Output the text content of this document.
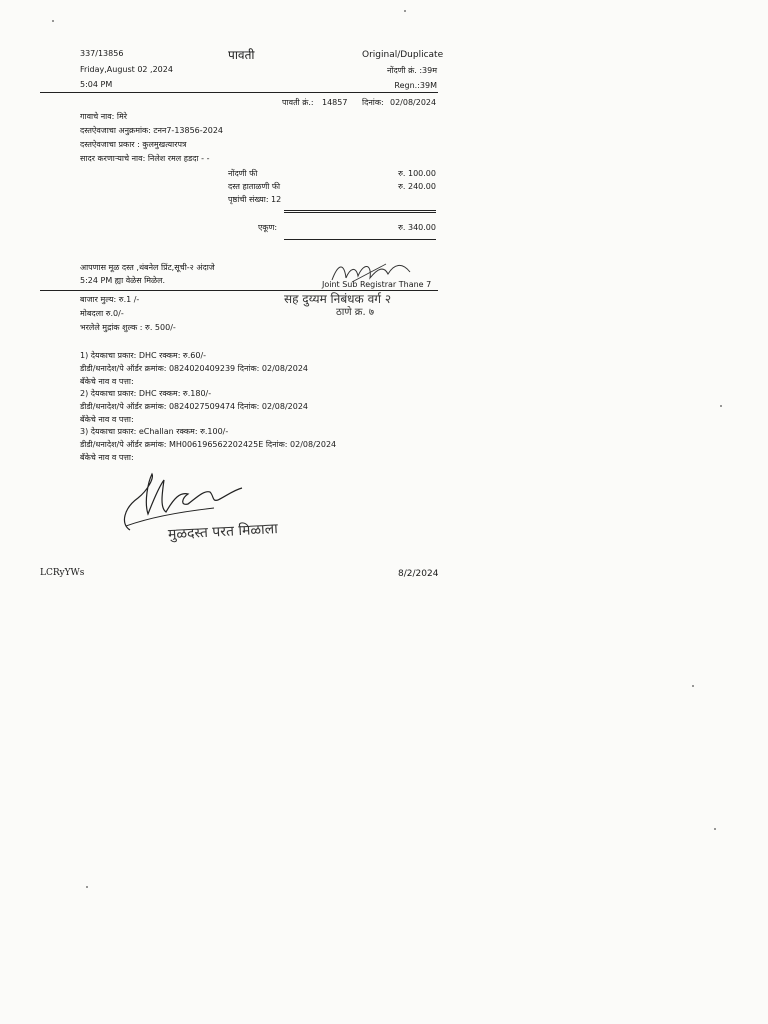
337/13856	पावती	Original/Duplicate
Friday,August 02 ,2024	नोंदणी क्रं. :39म
5:04 PM	Regn.:39M
पावती क्रं.: 14857 दिनांक: 02/08/2024
गावाचे नाव: मिरे
दस्तऐवजाचा अनुक्रमांक: टनन7-13856-2024
दस्तऐवजाचा प्रकार : कुलमुखत्यारपत्र
सादर करणाऱ्याचे नाव: निलेश रमल हडदा - -
नोंदणी फी	रु. 100.00
दस्त हाताळणी फी	रु. 240.00
पृष्ठांची संख्या: 12
एकूण:	रु. 340.00
आपणास मूळ दस्त ,थंबनेल प्रिंट,सूची-२ अंदाजे
5:24 PM ह्या वेळेस मिळेल.	Joint Sub Registrar Thane 7
सह दुय्यम निबंधक वर्ग २
ठाणे क्र. ७
बाजार मुल्य: रु.1 /-
मोबदला रु.0/-
भरलेले मुद्रांक शुल्क : रु. 500/-
1) देयकाचा प्रकार: DHC रक्कम: रु.60/-
डीडी/धनादेश/पे ऑर्डर क्रमांक: 0824020409239 दिनांक: 02/08/2024
बँकेचे नाव व पत्ता:
2) देयकाचा प्रकार: DHC रक्कम: रु.180/-
डीडी/धनादेश/पे ऑर्डर क्रमांक: 0824027509474 दिनांक: 02/08/2024
बँकेचे नाव व पत्ता:
3) देयकाचा प्रकार: eChallan रक्कम: रु.100/-
डीडी/धनादेश/पे ऑर्डर क्रमांक: MH006196562202425E दिनांक: 02/08/2024
बँकेचे नाव व पत्ता:
मुळदस्त परत मिळाला
LCRyYWs	8/2/2024
